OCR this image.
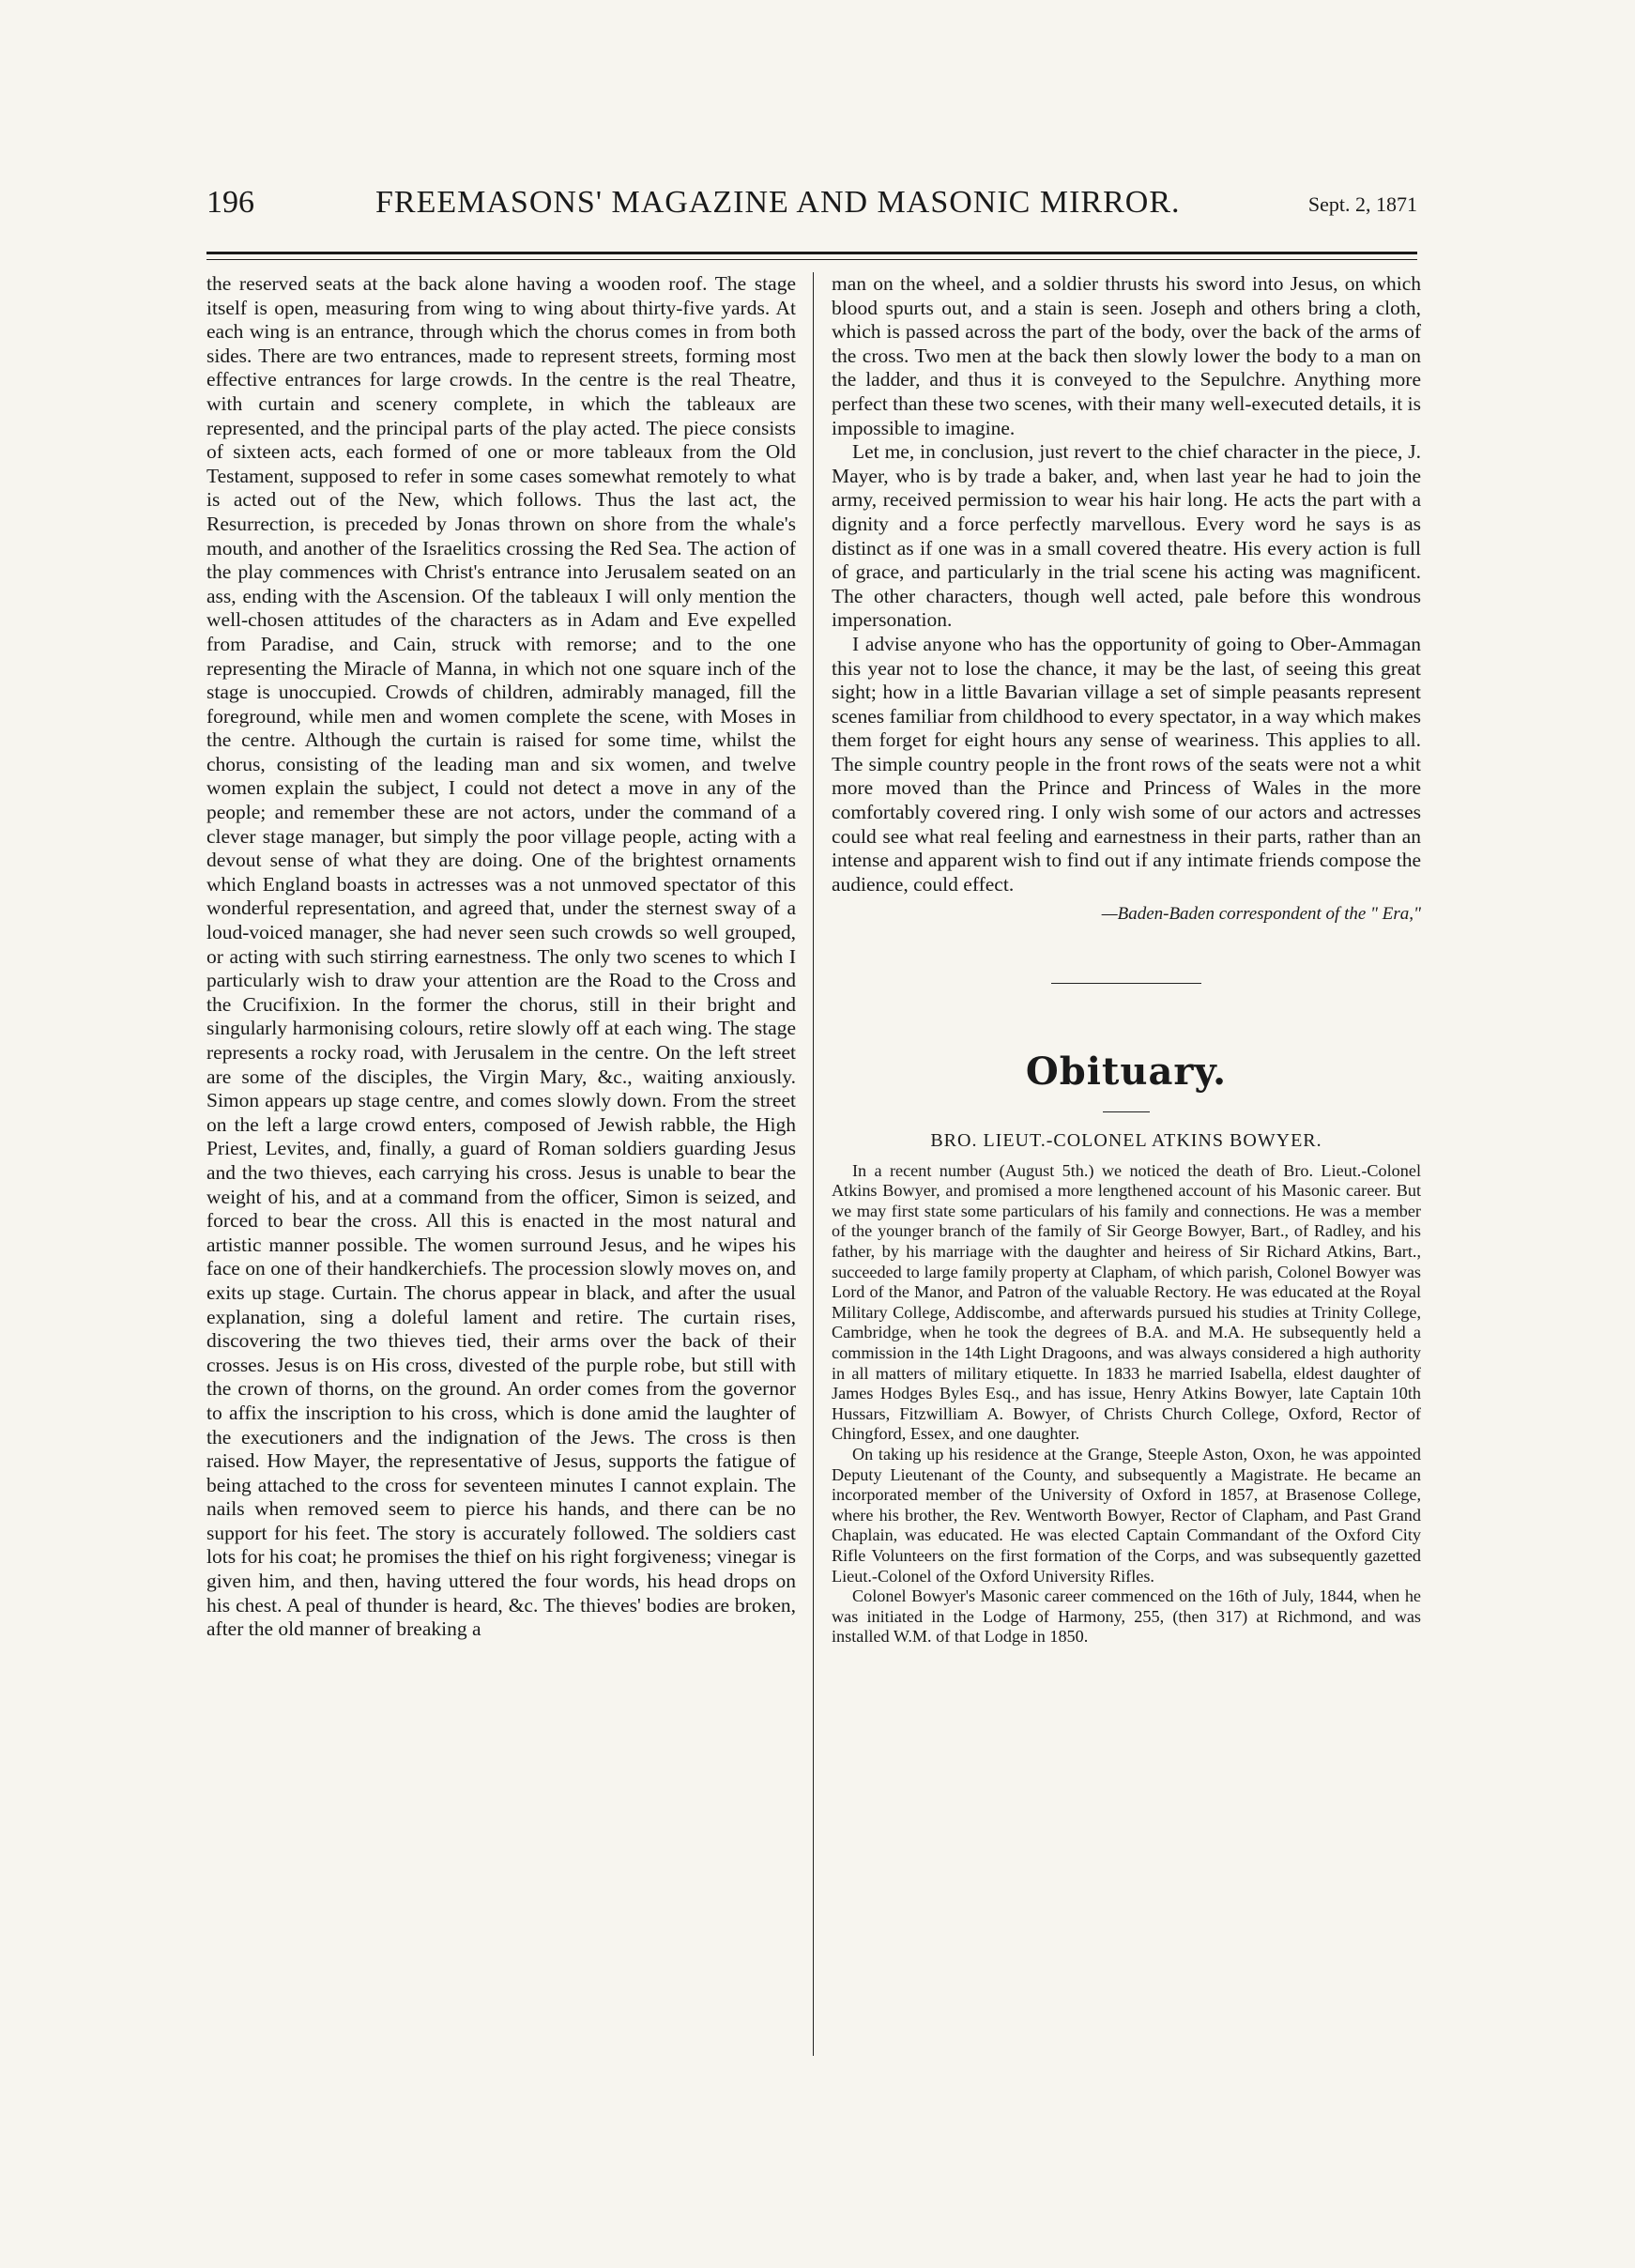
196	FREEMASONS' MAGAZINE AND MASONIC MIRROR.	Sept. 2, 1871

the reserved seats at the back alone having a wooden roof. The stage itself is open, measuring from wing to wing about thirty-five yards. At each wing is an entrance, through which the chorus comes in from both sides. There are two entrances, made to represent streets, forming most effective entrances for large crowds. In the centre is the real Theatre, with curtain and scenery complete, in which the tableaux are represented, and the principal parts of the play acted. The piece consists of sixteen acts, each formed of one or more tableaux from the Old Testament, supposed to refer in some cases somewhat remotely to what is acted out of the New, which follows. Thus the last act, the Resurrection, is preceded by Jonas thrown on shore from the whale's mouth, and another of the Israelitics crossing the Red Sea. The action of the play commences with Christ's entrance into Jerusalem seated on an ass, ending with the Ascension. Of the tableaux I will only mention the well-chosen attitudes of the characters as in Adam and Eve expelled from Paradise, and Cain, struck with remorse; and to the one representing the Miracle of Manna, in which not one square inch of the stage is unoccupied. Crowds of children, admirably managed, fill the foreground, while men and women complete the scene, with Moses in the centre. Although the curtain is raised for some time, whilst the chorus, consisting of the leading man and six women, and twelve women explain the subject, I could not detect a move in any of the people; and remember these are not actors, under the command of a clever stage manager, but simply the poor village people, acting with a devout sense of what they are doing. One of the brightest ornaments which England boasts in actresses was a not unmoved spectator of this wonderful representation, and agreed that, under the sternest sway of a loud-voiced manager, she had never seen such crowds so well grouped, or acting with such stirring earnestness. The only two scenes to which I particularly wish to draw your attention are the Road to the Cross and the Crucifixion. In the former the chorus, still in their bright and singularly harmonising colours, retire slowly off at each wing. The stage represents a rocky road, with Jerusalem in the centre. On the left street are some of the disciples, the Virgin Mary, &c., waiting anxiously. Simon appears up stage centre, and comes slowly down. From the street on the left a large crowd enters, composed of Jewish rabble, the High Priest, Levites, and, finally, a guard of Roman soldiers guarding Jesus and the two thieves, each carrying his cross. Jesus is unable to bear the weight of his, and at a command from the officer, Simon is seized, and forced to bear the cross. All this is enacted in the most natural and artistic manner possible. The women surround Jesus, and he wipes his face on one of their handkerchiefs. The procession slowly moves on, and exits up stage. Curtain. The chorus appear in black, and after the usual explanation, sing a doleful lament and retire. The curtain rises, discovering the two thieves tied, their arms over the back of their crosses. Jesus is on His cross, divested of the purple robe, but still with the crown of thorns, on the ground. An order comes from the governor to affix the inscription to his cross, which is done amid the laughter of the executioners and the indignation of the Jews. The cross is then raised. How Mayer, the representative of Jesus, supports the fatigue of being attached to the cross for seventeen minutes I cannot explain. The nails when removed seem to pierce his hands, and there can be no support for his feet. The story is accurately followed. The soldiers cast lots for his coat; he promises the thief on his right forgiveness; vinegar is given him, and then, having uttered the four words, his head drops on his chest. A peal of thunder is heard, &c. The thieves' bodies are broken, after the old manner of breaking a

man on the wheel, and a soldier thrusts his sword into Jesus, on which blood spurts out, and a stain is seen. Joseph and others bring a cloth, which is passed across the part of the body, over the back of the arms of the cross. Two men at the back then slowly lower the body to a man on the ladder, and thus it is conveyed to the Sepulchre. Anything more perfect than these two scenes, with their many well-executed details, it is impossible to imagine.

Let me, in conclusion, just revert to the chief character in the piece, J. Mayer, who is by trade a baker, and, when last year he had to join the army, received permission to wear his hair long. He acts the part with a dignity and a force perfectly marvellous. Every word he says is as distinct as if one was in a small covered theatre. His every action is full of grace, and particularly in the trial scene his acting was magnificent. The other characters, though well acted, pale before this wondrous impersonation.

I advise anyone who has the opportunity of going to Ober-Ammagan this year not to lose the chance, it may be the last, of seeing this great sight; how in a little Bavarian village a set of simple peasants represent scenes familiar from childhood to every spectator, in a way which makes them forget for eight hours any sense of weariness. This applies to all. The simple country people in the front rows of the seats were not a whit more moved than the Prince and Princess of Wales in the more comfortably covered ring. I only wish some of our actors and actresses could see what real feeling and earnestness in their parts, rather than an intense and apparent wish to find out if any intimate friends compose the audience, could effect.

—Baden-Baden correspondent of the " Era,"

Obituary.
BRO. LIEUT.-COLONEL ATKINS BOWYER.

In a recent number (August 5th.) we noticed the death of Bro. Lieut.-Colonel Atkins Bowyer, and promised a more lengthened account of his Masonic career. But we may first state some particulars of his family and connections. He was a member of the younger branch of the family of Sir George Bowyer, Bart., of Radley, and his father, by his marriage with the daughter and heiress of Sir Richard Atkins, Bart., succeeded to large family property at Clapham, of which parish, Colonel Bowyer was Lord of the Manor, and Patron of the valuable Rectory. He was educated at the Royal Military College, Addiscombe, and afterwards pursued his studies at Trinity College, Cambridge, when he took the degrees of B.A. and M.A. He subsequently held a commission in the 14th Light Dragoons, and was always considered a high authority in all matters of military etiquette. In 1833 he married Isabella, eldest daughter of James Hodges Byles Esq., and has issue, Henry Atkins Bowyer, late Captain 10th Hussars, Fitzwilliam A. Bowyer, of Christs Church College, Oxford, Rector of Chingford, Essex, and one daughter.

On taking up his residence at the Grange, Steeple Aston, Oxon, he was appointed Deputy Lieutenant of the County, and subsequently a Magistrate. He became an incorporated member of the University of Oxford in 1857, at Brasenose College, where his brother, the Rev. Wentworth Bowyer, Rector of Clapham, and Past Grand Chaplain, was educated. He was elected Captain Commandant of the Oxford City Rifle Volunteers on the first formation of the Corps, and was subsequently gazetted Lieut.-Colonel of the Oxford University Rifles.

Colonel Bowyer's Masonic career commenced on the 16th of July, 1844, when he was initiated in the Lodge of Harmony, 255, (then 317) at Richmond, and was installed W.M. of that Lodge in 1850.
